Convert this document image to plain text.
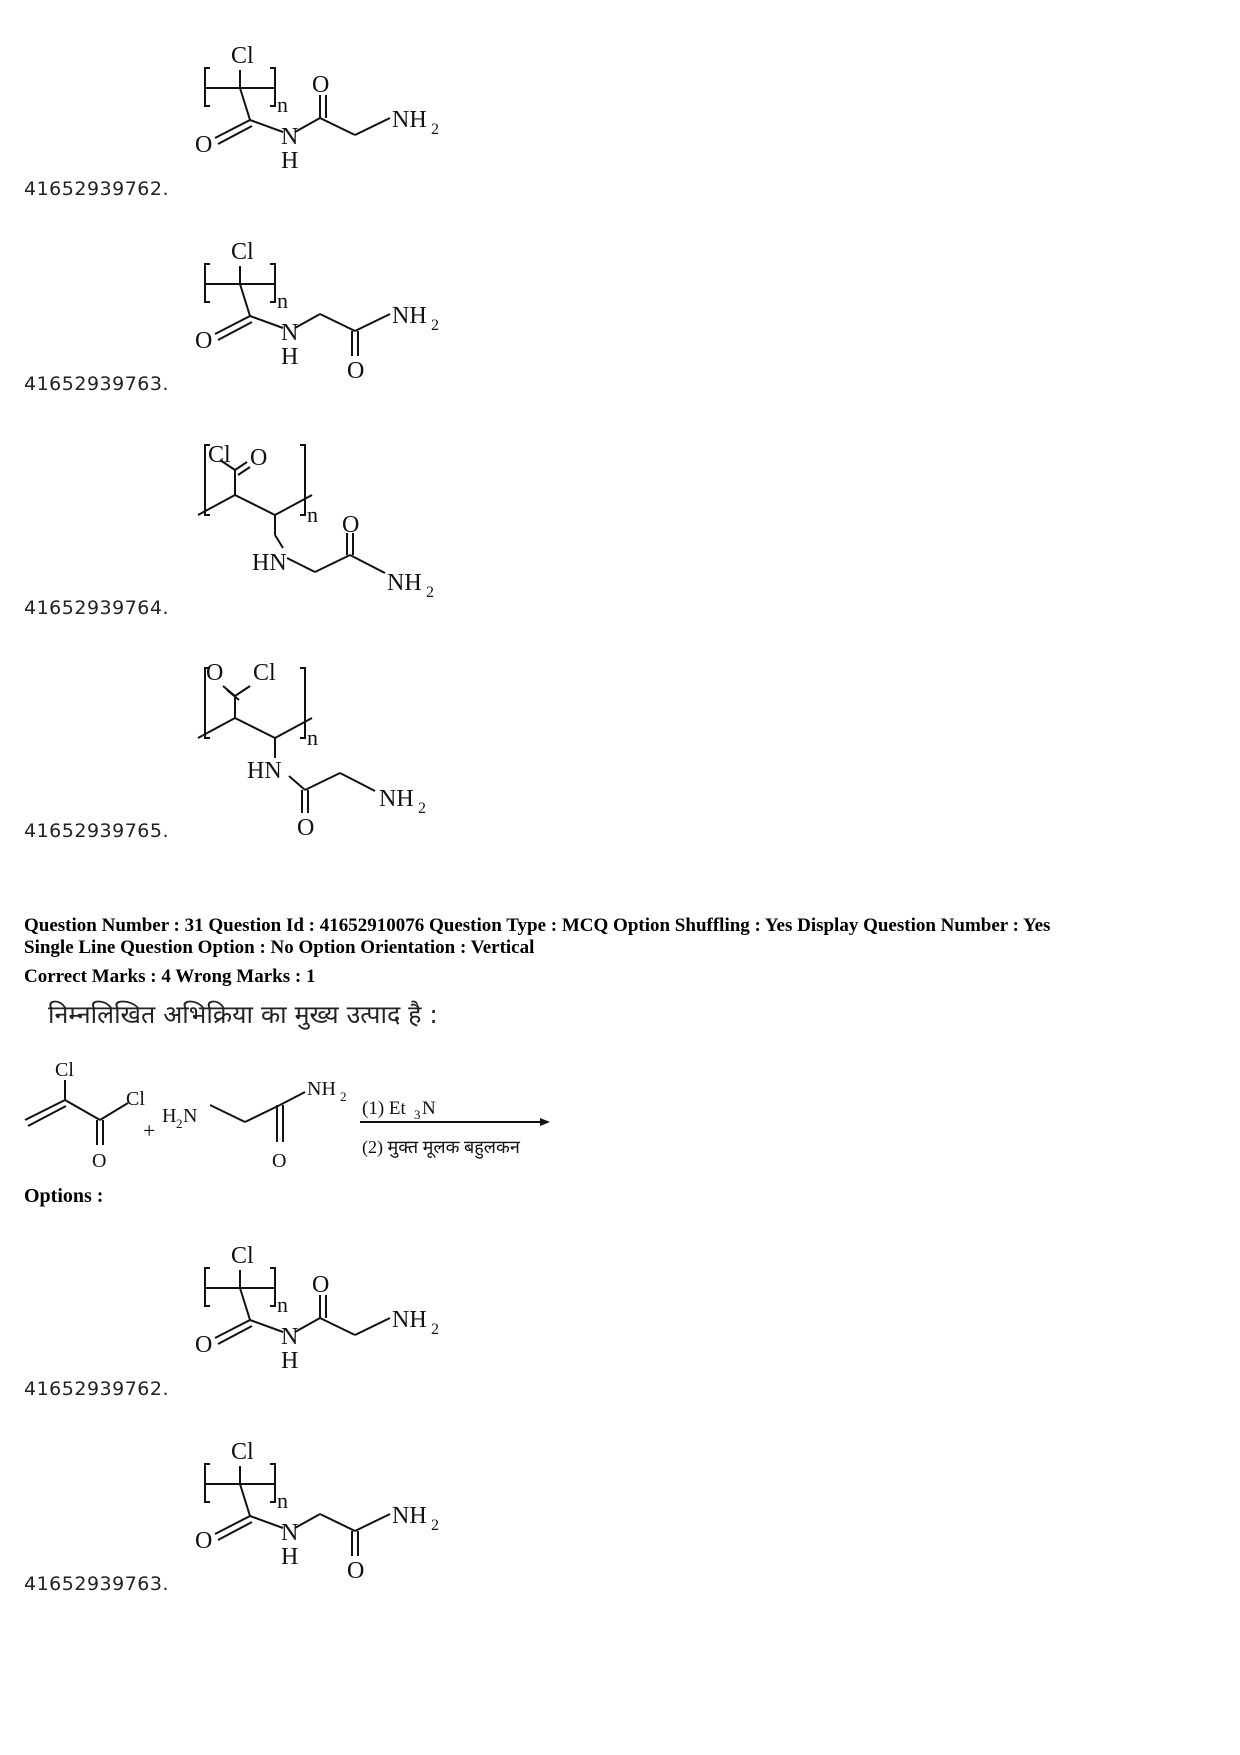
Cl
n
O	N
H
O
NH 2
41652939762.
Cl
n
O	N
H
O
NH 2
41652939763.
Cl O
n
HN
O
NH 2
41652939764.
O Cl
n
HN
O
NH 2
41652939765.
Question Number : 31 Question Id : 41652910076 Question Type : MCQ Option Shuffling : Yes Display Question Number : Yes
Single Line Question Option : No Option Orientation : Vertical
Correct Marks : 4 Wrong Marks : 1
निम्नलिखित अभिक्रिया का मुख्य उत्पाद है :
Cl
Cl
O
+
H 2 N
O
NH 2
(1) Et 3 N
(2) मुक्त मूलक बहुलकन
Options :
Cl
n
O	N
H
O
NH 2
41652939762.
Cl
n
O	N
H
O
NH 2
41652939763.
